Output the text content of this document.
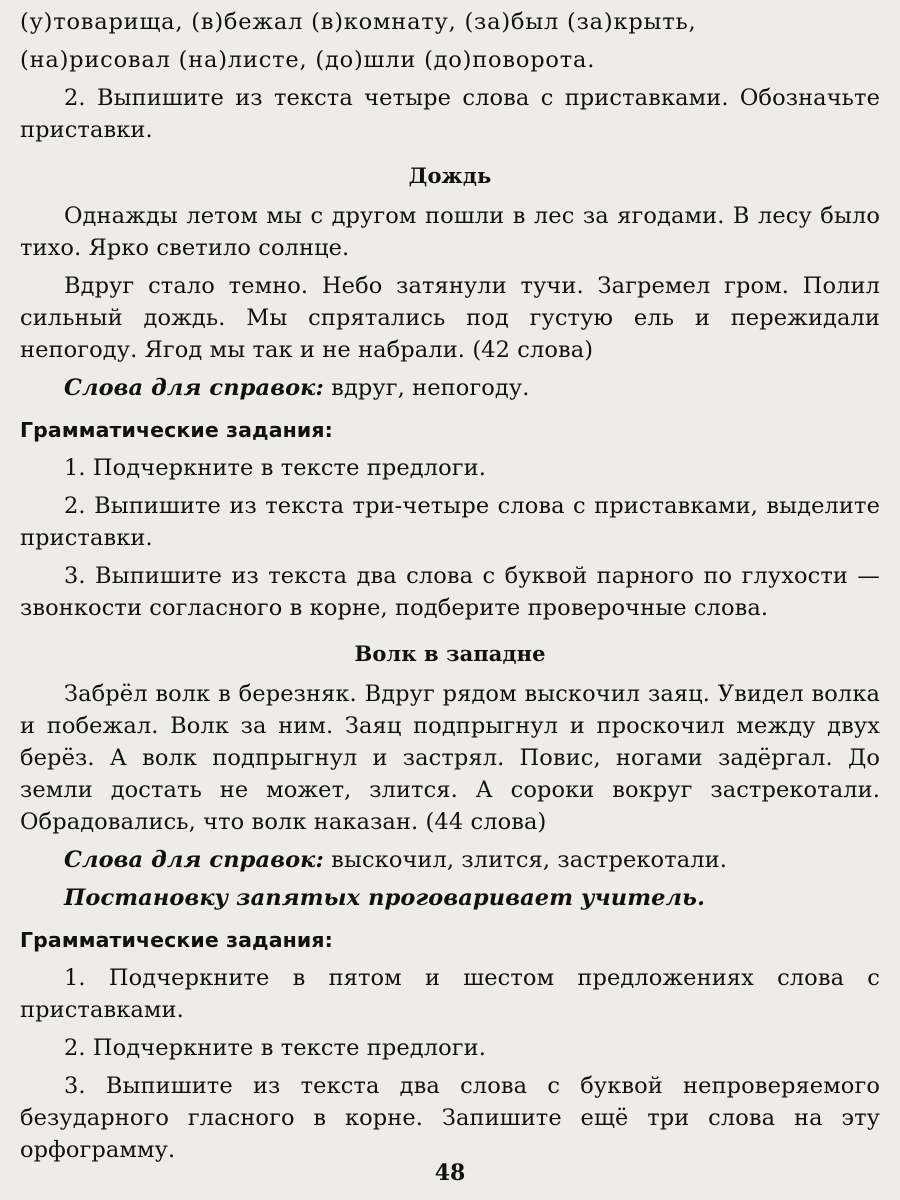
(у)товарища, (в)бежал (в)комнату, (за)был (за)крыть,

(на)рисовал (на)листе, (до)шли (до)поворота.

2. Выпишите из текста четыре слова с приставками. Обозначьте приставки.

Дождь

Однажды летом мы с другом пошли в лес за ягодами. В лесу было тихо. Ярко светило солнце.

Вдруг стало темно. Небо затянули тучи. Загремел гром. Полил сильный дождь. Мы спрятались под густую ель и пережидали непогоду. Ягод мы так и не набрали. (42 слова)

Слова для справок: вдруг, непогоду.

Грамматические задания:

1. Подчеркните в тексте предлоги.

2. Выпишите из текста три-четыре слова с приставками, выделите приставки.

3. Выпишите из текста два слова с буквой парного по глухости — звонкости согласного в корне, подберите проверочные слова.

Волк в западне

Забрёл волк в березняк. Вдруг рядом выскочил заяц. Увидел волка и побежал. Волк за ним. Заяц подпрыгнул и проскочил между двух берёз. А волк подпрыгнул и застрял. Повис, ногами задёргал. До земли достать не может, злится. А сороки вокруг застрекотали. Обрадовались, что волк наказан. (44 слова)

Слова для справок: выскочил, злится, застрекотали.

Постановку запятых проговаривает учитель.

Грамматические задания:

1. Подчеркните в пятом и шестом предложениях слова с приставками.

2. Подчеркните в тексте предлоги.

3. Выпишите из текста два слова с буквой непроверяемого безударного гласного в корне. Запишите ещё три слова на эту орфограмму.

48
